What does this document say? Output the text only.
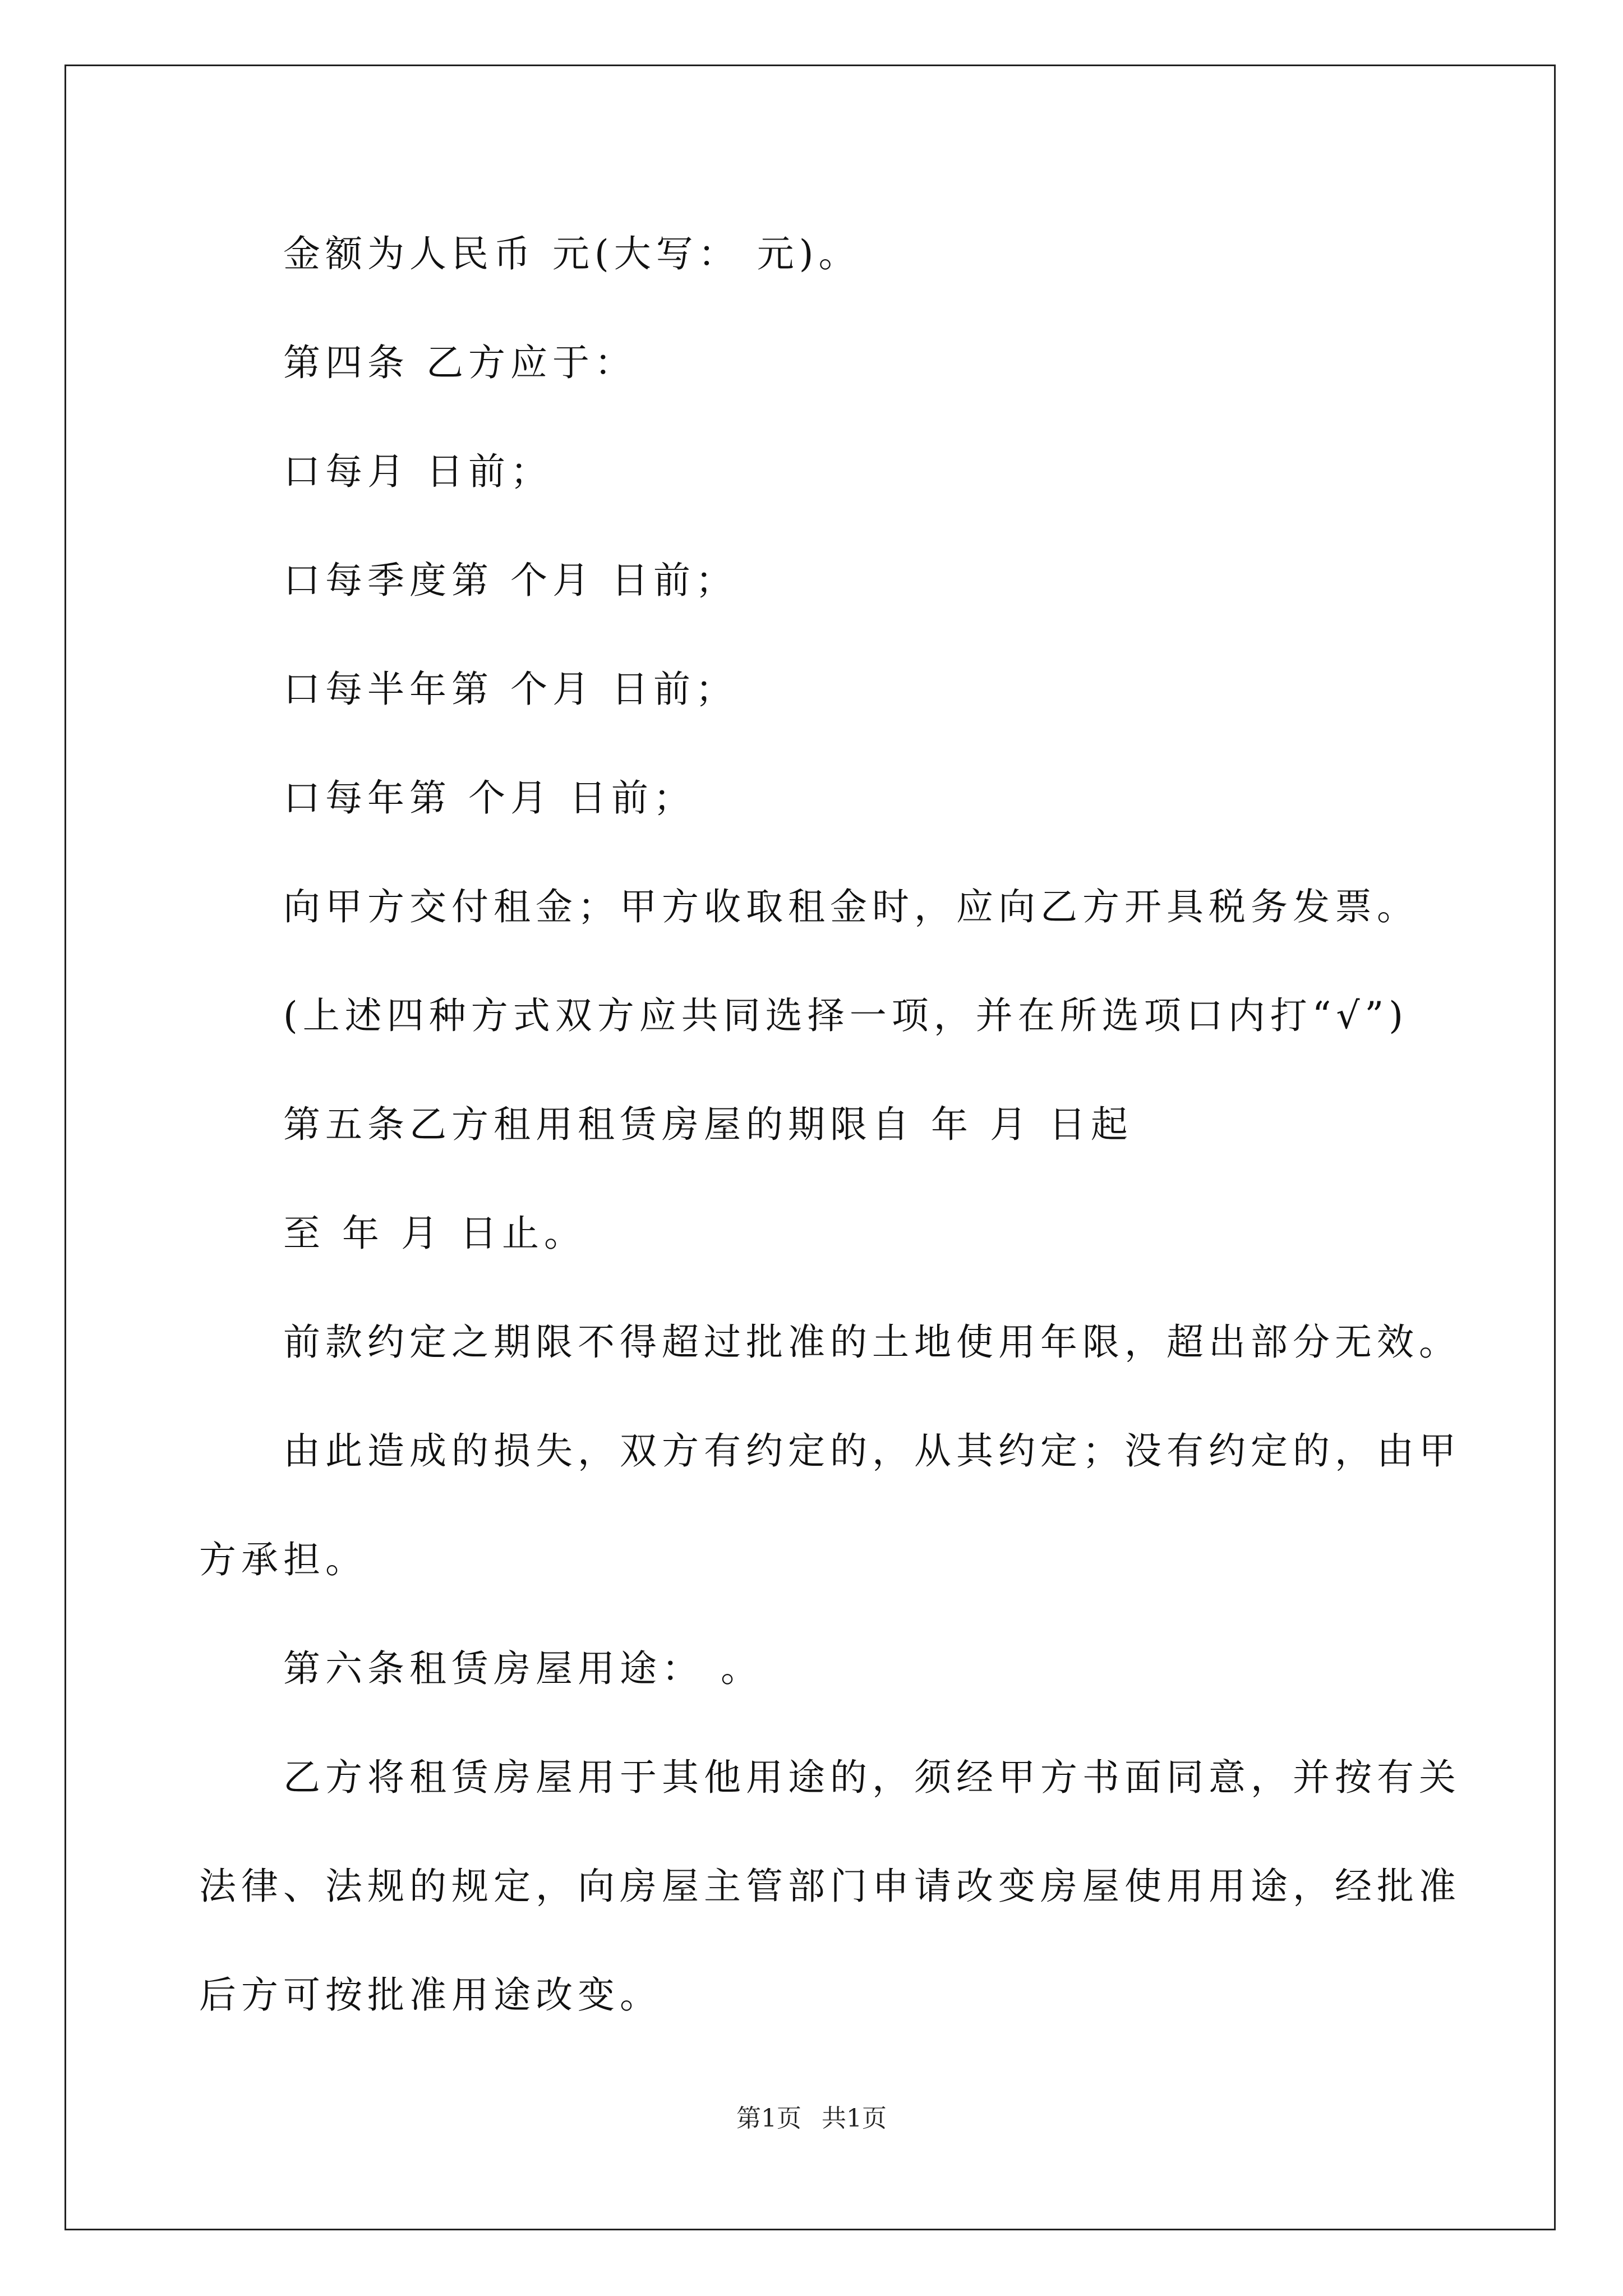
金额为人民币 元(大写： 元)。
第四条 乙方应于：
口每月 日前；
口每季度第 个月 日前；
口每半年第 个月 日前；
口每年第 个月 日前；
向甲方交付租金；甲方收取租金时，应向乙方开具税务发票。
(上述四种方式双方应共同选择一项，并在所选项口内打“√”)
第五条乙方租用租赁房屋的期限自 年 月 日起
至 年 月 日止。
前款约定之期限不得超过批准的土地使用年限，超出部分无效。
由此造成的损失，双方有约定的，从其约定；没有约定的，由甲
方承担。
第六条租赁房屋用途： 。
乙方将租赁房屋用于其他用途的，须经甲方书面同意，并按有关
法律、法规的规定，向房屋主管部门申请改变房屋使用用途，经批准
后方可按批准用途改变。
第1页 共1页
